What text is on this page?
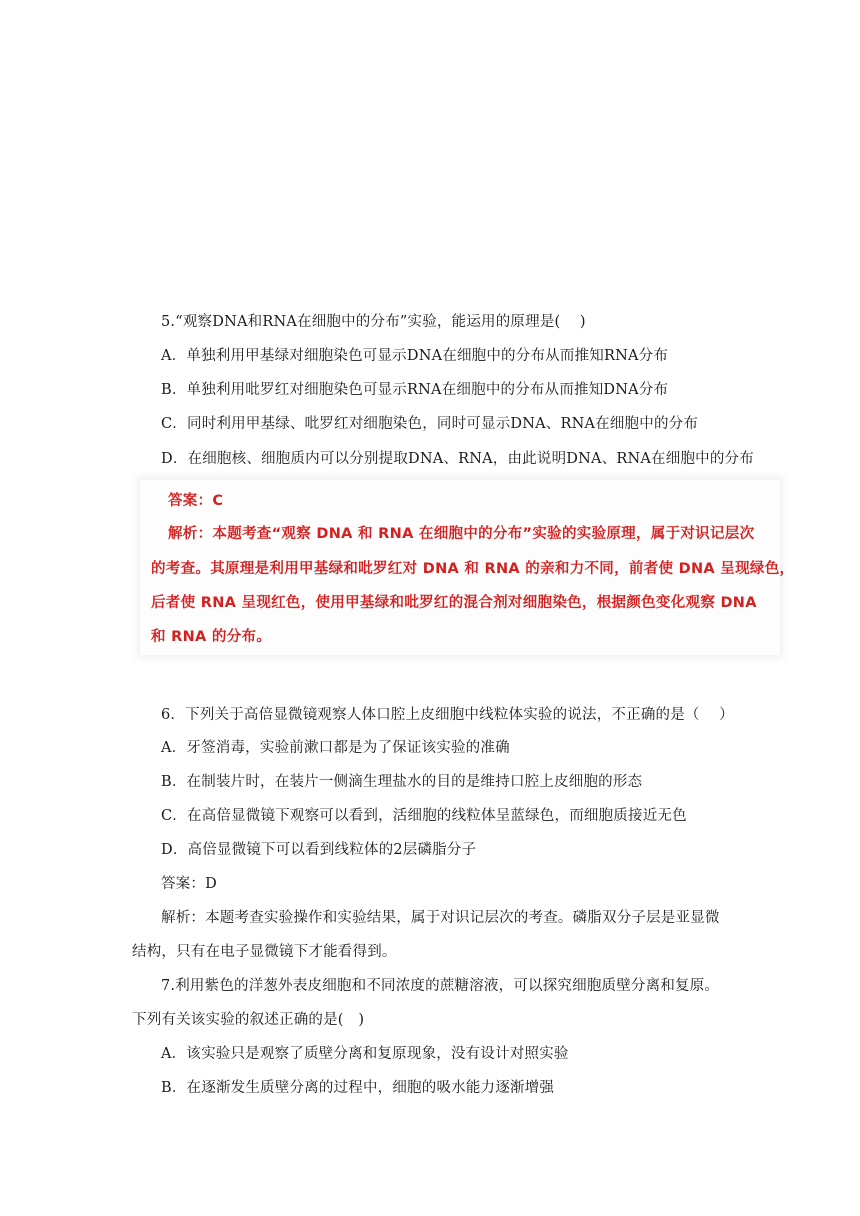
5.“观察DNA和RNA在细胞中的分布”实验，能运用的原理是(　 )
A．单独利用甲基绿对细胞染色可显示DNA在细胞中的分布从而推知RNA分布
B．单独利用吡罗红对细胞染色可显示RNA在细胞中的分布从而推知DNA分布
C．同时利用甲基绿、吡罗红对细胞染色，同时可显示DNA、RNA在细胞中的分布
D．在细胞核、细胞质内可以分别提取DNA、RNA，由此说明DNA、RNA在细胞中的分布
答案：C
解析：本题考查“观察 DNA 和 RNA 在细胞中的分布”实验的实验原理，属于对识记层次
的考查。其原理是利用甲基绿和吡罗红对 DNA 和 RNA 的亲和力不同，前者使 DNA 呈现绿色，
后者使 RNA 呈现红色，使用甲基绿和吡罗红的混合剂对细胞染色，根据颜色变化观察 DNA
和 RNA 的分布。
6．下列关于高倍显微镜观察人体口腔上皮细胞中线粒体实验的说法，不正确的是（　 ）
A．牙签消毒，实验前漱口都是为了保证该实验的准确
B．在制装片时，在装片一侧滴生理盐水的目的是维持口腔上皮细胞的形态
C．在高倍显微镜下观察可以看到，活细胞的线粒体呈蓝绿色，而细胞质接近无色
D．高倍显微镜下可以看到线粒体的2层磷脂分子
答案：D
解析：本题考查实验操作和实验结果，属于对识记层次的考查。磷脂双分子层是亚显微
结构，只有在电子显微镜下才能看得到。
7.利用紫色的洋葱外表皮细胞和不同浓度的蔗糖溶液，可以探究细胞质壁分离和复原。
下列有关该实验的叙述正确的是(　)
A．该实验只是观察了质壁分离和复原现象，没有设计对照实验
B．在逐渐发生质壁分离的过程中，细胞的吸水能力逐渐增强
